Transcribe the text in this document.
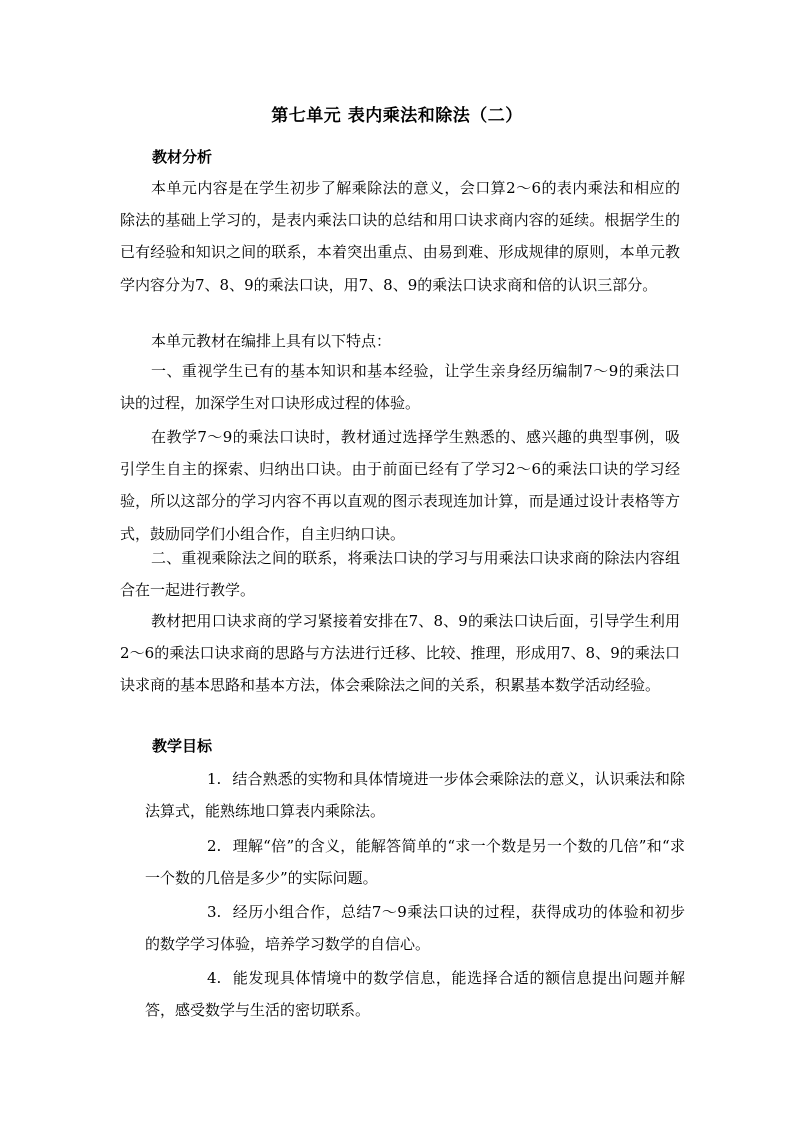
第七单元 表内乘法和除法（二）
教材分析

本单元内容是在学生初步了解乘除法的意义，会口算2～6的表内乘法和相应的除法的基础上学习的，是表内乘法口诀的总结和用口诀求商内容的延续。根据学生的已有经验和知识之间的联系，本着突出重点、由易到难、形成规律的原则，本单元教学内容分为7、8、9的乘法口诀，用7、8、9的乘法口诀求商和倍的认识三部分。

本单元教材在编排上具有以下特点：

一、重视学生已有的基本知识和基本经验，让学生亲身经历编制7～9的乘法口诀的过程，加深学生对口诀形成过程的体验。

在教学7～9的乘法口诀时，教材通过选择学生熟悉的、感兴趣的典型事例，吸引学生自主的探索、归纳出口诀。由于前面已经有了学习2～6的乘法口诀的学习经验，所以这部分的学习内容不再以直观的图示表现连加计算，而是通过设计表格等方式，鼓励同学们小组合作，自主归纳口诀。

二、重视乘除法之间的联系，将乘法口诀的学习与用乘法口诀求商的除法内容组合在一起进行教学。

教材把用口诀求商的学习紧接着安排在7、8、9的乘法口诀后面，引导学生利用2～6的乘法口诀求商的思路与方法进行迁移、比较、推理，形成用7、8、9的乘法口诀求商的基本思路和基本方法，体会乘除法之间的关系，积累基本数学活动经验。

教学目标

1. 结合熟悉的实物和具体情境进一步体会乘除法的意义，认识乘法和除法算式，能熟练地口算表内乘除法。

2. 理解“倍”的含义，能解答简单的“求一个数是另一个数的几倍”和“求一个数的几倍是多少”的实际问题。

3. 经历小组合作，总结7～9乘法口诀的过程，获得成功的体验和初步的数学学习体验，培养学习数学的自信心。

4. 能发现具体情境中的数学信息，能选择合适的额信息提出问题并解答，感受数学与生活的密切联系。
